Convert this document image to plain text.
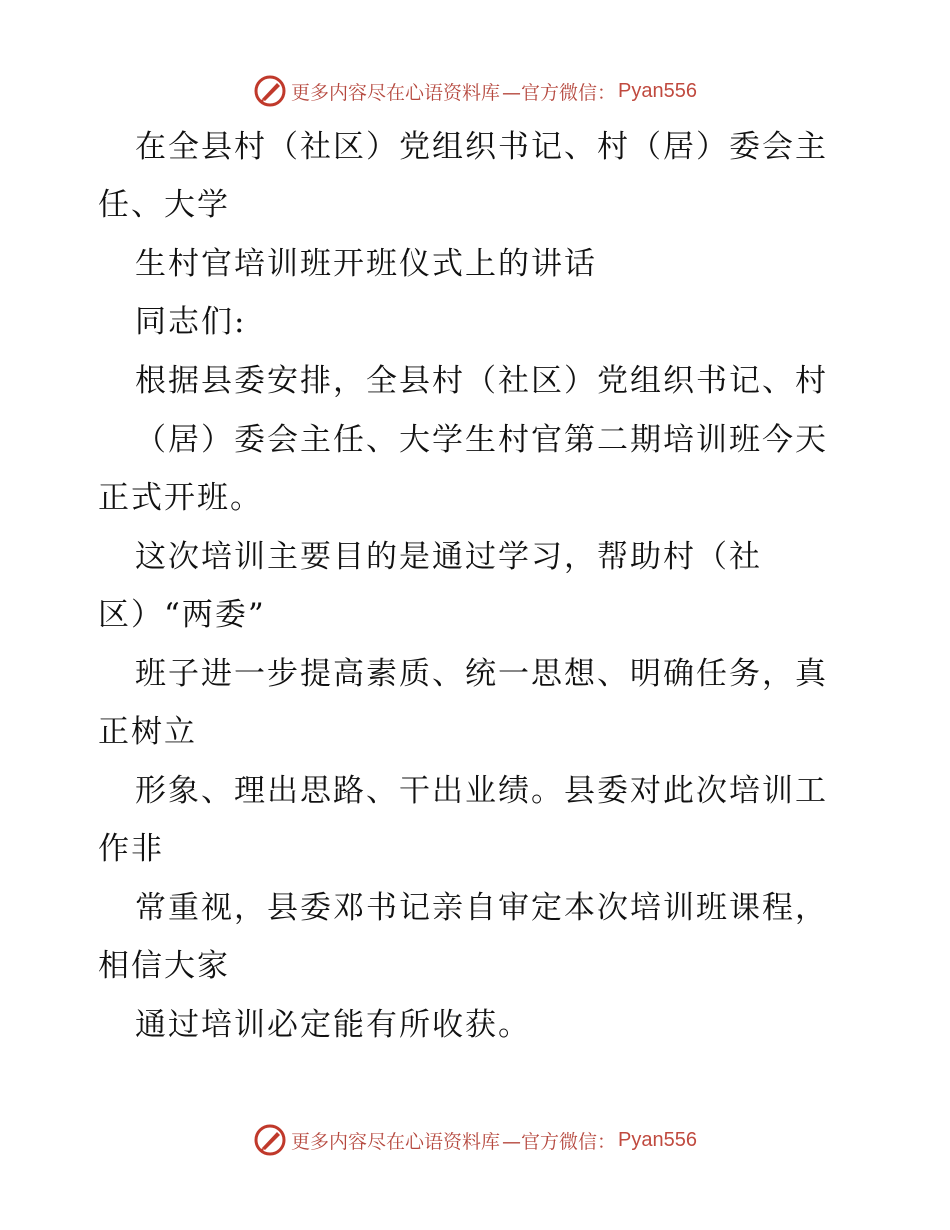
更多内容尽在心语资料库 —官方微信： Pyan556
在全县村（社区）党组织书记、村（居）委会主
任、大学
生村官培训班开班仪式上的讲话
同志们:
根据县委安排，全县村（社区）党组织书记、村
（居）委会主任、大学生村官第二期培训班今天
正式开班。
这次培训主要目的是通过学习，帮助村（社
区）“两委”
班子进一步提高素质、统一思想、明确任务，真
正树立
形象、理出思路、干出业绩。县委对此次培训工
作非
常重视，县委邓书记亲自审定本次培训班课程，
相信大家
通过培训必定能有所收获。
更多内容尽在心语资料库 —官方微信： Pyan556
